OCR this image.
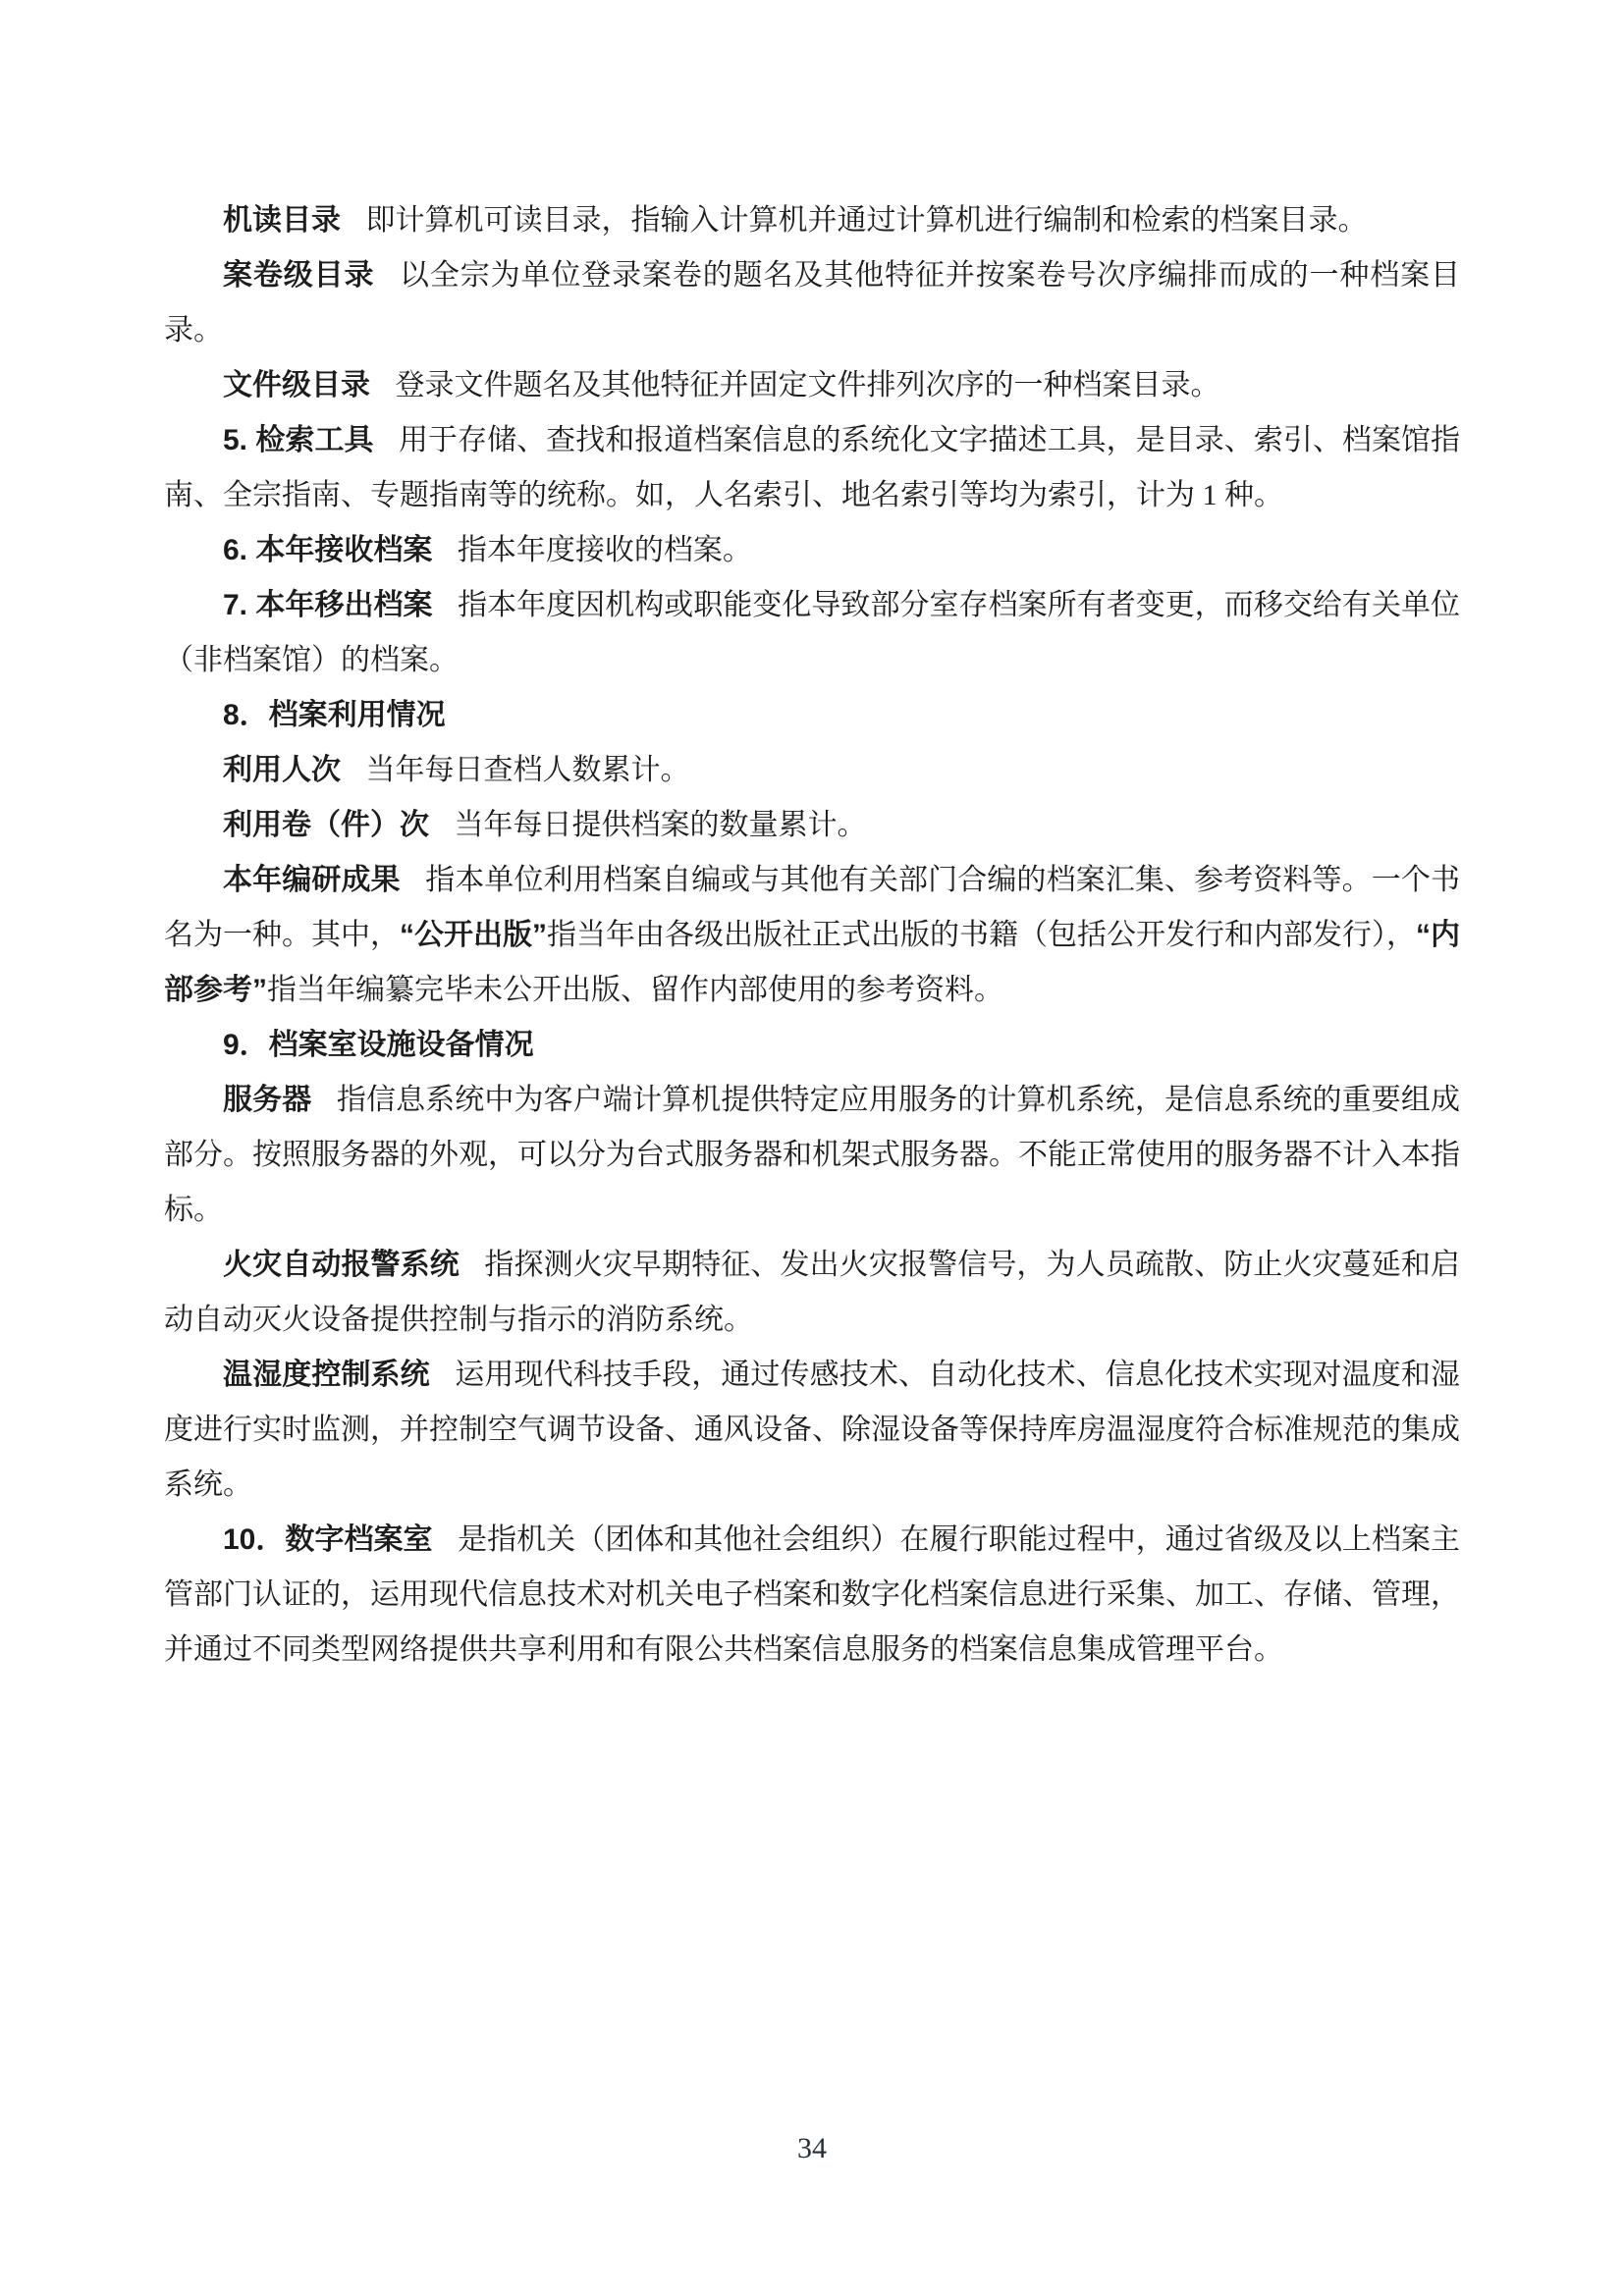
机读目录 即计算机可读目录，指输入计算机并通过计算机进行编制和检索的档案目录。

案卷级目录 以全宗为单位登录案卷的题名及其他特征并按案卷号次序编排而成的一种档案目录。

文件级目录 登录文件题名及其他特征并固定文件排列次序的一种档案目录。

5. 检索工具 用于存储、查找和报道档案信息的系统化文字描述工具，是目录、索引、档案馆指南、全宗指南、专题指南等的统称。如，人名索引、地名索引等均为索引，计为 1 种。

6. 本年接收档案 指本年度接收的档案。

7. 本年移出档案 指本年度因机构或职能变化导致部分室存档案所有者变更，而移交给有关单位（非档案馆）的档案。

8．档案利用情况

利用人次 当年每日查档人数累计。

利用卷（件）次 当年每日提供档案的数量累计。

本年编研成果 指本单位利用档案自编或与其他有关部门合编的档案汇集、参考资料等。一个书名为一种。其中，“公开出版”指当年由各级出版社正式出版的书籍（包括公开发行和内部发行），“内部参考”指当年编纂完毕未公开出版、留作内部使用的参考资料。

9．档案室设施设备情况

服务器 指信息系统中为客户端计算机提供特定应用服务的计算机系统，是信息系统的重要组成部分。按照服务器的外观，可以分为台式服务器和机架式服务器。不能正常使用的服务器不计入本指标。

火灾自动报警系统 指探测火灾早期特征、发出火灾报警信号，为人员疏散、防止火灾蔓延和启动自动灭火设备提供控制与指示的消防系统。

温湿度控制系统 运用现代科技手段，通过传感技术、自动化技术、信息化技术实现对温度和湿度进行实时监测，并控制空气调节设备、通风设备、除湿设备等保持库房温湿度符合标准规范的集成系统。

10．数字档案室 是指机关（团体和其他社会组织）在履行职能过程中，通过省级及以上档案主管部门认证的，运用现代信息技术对机关电子档案和数字化档案信息进行采集、加工、存储、管理，并通过不同类型网络提供共享利用和有限公共档案信息服务的档案信息集成管理平台。

34
